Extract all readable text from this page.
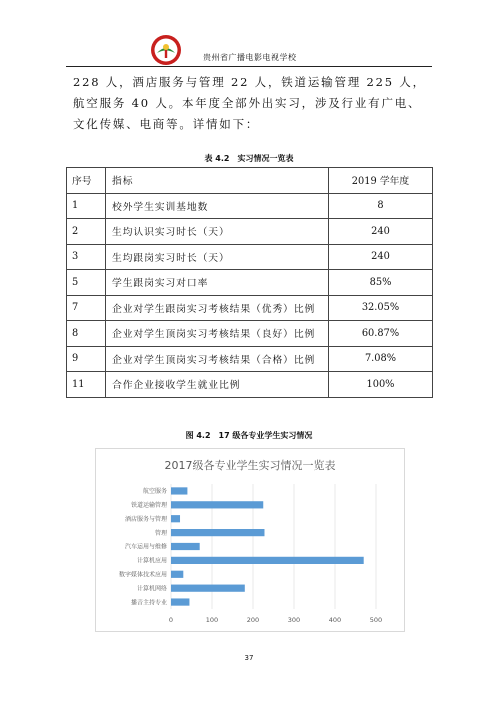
贵州省广播电影电视学校
228 人，酒店服务与管理 22 人，铁道运输管理 225 人，航空服务 40 人。本年度全部外出实习，涉及行业有广电、文化传媒、电商等。详情如下：
表 4.2　实习情况一览表
序号	指标	2019 学年度
1	校外学生实训基地数	8
2	生均认识实习时长（天）	240
3	生均跟岗实习时长（天）	240
5	学生跟岗实习对口率	85%
7	企业对学生跟岗实习考核结果（优秀）比例	32.05%
8	企业对学生顶岗实习考核结果（良好）比例	60.87%
9	企业对学生顶岗实习考核结果（合格）比例	7.08%
11	合作企业接收学生就业比例	100%
图 4.2　17 级各专业学生实习情况
2017级各专业学生实习情况一览表
0	100	200	300	400	500
航空服务
铁道运输管理
酒店服务与管理
管理
汽车运用与维修
计算机应用
数字媒体技术应用
计算机网络
播音主持专业
37
